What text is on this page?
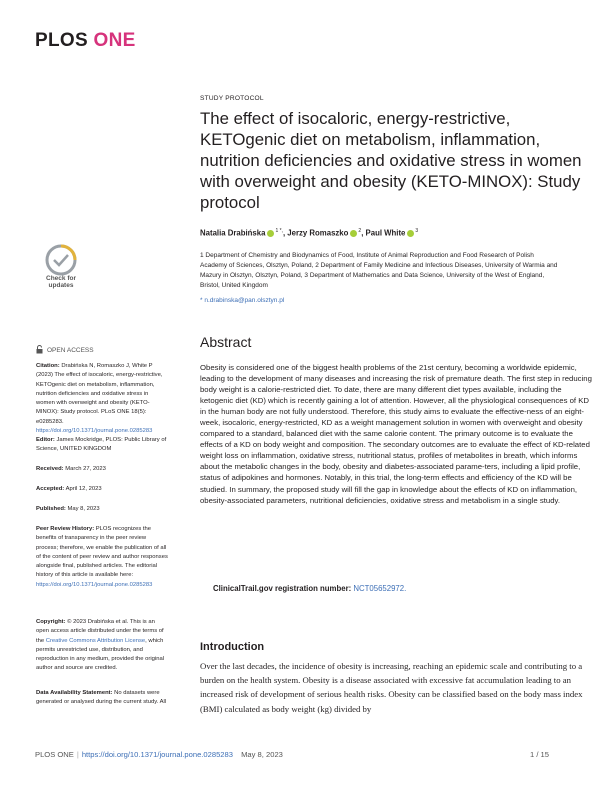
PLOS ONE
STUDY PROTOCOL
The effect of isocaloric, energy-restrictive, KETOgenic diet on metabolism, inflammation, nutrition deficiencies and oxidative stress in women with overweight and obesity (KETO-MINOX): Study protocol
Natalia Drabińska $^{1 *,}$, Jerzy Romaszko $^2$, Paul White $^3$
1 Department of Chemistry and Biodynamics of Food, Institute of Animal Reproduction and Food Research of Polish Academy of Sciences, Olsztyn, Poland, 2 Department of Family Medicine and Infectious Diseases, University of Warmia and Mazury in Olsztyn, Olsztyn, Poland, 3 Department of Mathematics and Data Science, University of the West of England, Bristol, United Kingdom
* n.drabinska@pan.olsztyn.pl
Abstract
Obesity is considered one of the biggest health problems of the 21st century, becoming a worldwide epidemic, leading to the development of many diseases and increasing the risk of premature death. The first step in reducing body weight is a calorie-restricted diet. To date, there are many different diet types available, including the ketogenic diet (KD) which is recently gaining a lot of attention. However, all the physiological consequences of KD in the human body are not fully understood. Therefore, this study aims to evaluate the effective-ness of an eight-week, isocaloric, energy-restricted, KD as a weight management solution in women with overweight and obesity compared to a standard, balanced diet with the same calorie content. The primary outcome is to evaluate the effects of a KD on body weight and composition. The secondary outcomes are to evaluate the effect of KD-related weight loss on inflammation, oxidative stress, nutritional status, profiles of metabolites in breath, which informs about the metabolic changes in the body, obesity and diabetes-associated parame-ters, including a lipid profile, status of adipokines and hormones. Notably, in this trial, the long-term effects and efficiency of the KD will be studied. In summary, the proposed study will fill the gap in knowledge about the effects of KD on inflammation, obesity-associated parameters, nutritional deficiencies, oxidative stress and metabolism in a single study.
ClinicalTrail.gov registration number: NCT05652972.
Introduction
Over the last decades, the incidence of obesity is increasing, reaching an epidemic scale and contributing to a burden on the health system. Obesity is a disease associated with excessive fat accumulation leading to an increased risk of development of serious health risks. Obesity can be classified based on the body mass index (BMI) calculated as body weight (kg) divided by
Check for
updates
OPEN ACCESS
Citation: Drabińska N, Romaszko J, White P (2023) The effect of isocaloric, energy-restrictive, KETOgenic diet on metabolism, inflammation, nutrition deficiencies and oxidative stress in women with overweight and obesity (KETO-MINOX): Study protocol. PLoS ONE 18(5): e0285283. https://doi.org/10.1371/journal.pone.0285283
Editor: James Mockridge, PLOS: Public Library of Science, UNITED KINGDOM
Received: March 27, 2023
Accepted: April 12, 2023
Published: May 8, 2023
Peer Review History: PLOS recognizes the benefits of transparency in the peer review process; therefore, we enable the publication of all of the content of peer review and author responses alongside final, published articles. The editorial history of this article is available here: https://doi.org/10.1371/journal.pone.0285283
Copyright: © 2023 Drabińska et al. This is an open access article distributed under the terms of the Creative Commons Attribution License, which permits unrestricted use, distribution, and reproduction in any medium, provided the original author and source are credited.
Data Availability Statement: No datasets were generated or analysed during the current study. All
PLOS ONE | https://doi.org/10.1371/journal.pone.0285283 May 8, 2023	1 / 15
